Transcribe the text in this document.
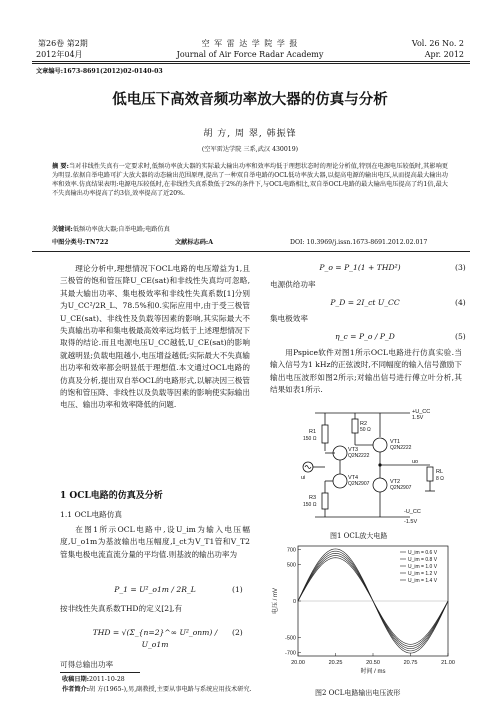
第26卷 第2期
2012年04月
空 军 雷 达 学 院 学 报
Journal of Air Force Radar Academy
Vol. 26 No. 2
Apr. 2012
文章编号:1673-8691(2012)02-0140-03
低电压下高效音频功率放大器的仿真与分析
胡 方, 周 翠, 韩振锋
(空军雷达学院 三系,武汉 430019)
摘 要:当对非线性失真有一定要求时,低频功率放大器的实际最大输出功率和效率均低于理想状态时的理论分析值,特别在电源电压较低时,其影响更为明显.依据自举电路可扩大放大器的动态输出范围原理,提出了一种双自举电路的OCL低功率放大器,以提高电源的输出电压,从而提高最大输出功率和效率.仿真结果表明:电源电压较低时,在非线性失真系数低于2%的条件下,与OCL电路相比,双自举OCL电路的最大输出电压提高了约1倍,最大不失真输出功率提高了约3倍,效率提高了近20%.
关键词:低频功率放大器;自举电路;电路仿真
中图分类号:TN722	文献标志码:A	DOI: 10.3969/j.issn.1673-8691.2012.02.017

理论分析中,理想情况下OCL电路的电压增益为1,且三极管的饱和管压降U_CE(sat)和非线性失真均可忽略,其最大输出功率、集电极效率和非线性失真系数[1]分别为U_CC²/2R_L、78.5%和0.实际应用中,由于受三极管U_CE(sat)、非线性及负载等因素的影响,其实际最大不失真输出功率和集电极最高效率远均低于上述理想情况下取得的结论.而且电源电压U_CC越低,U_CE(sat)的影响就越明显;负载电阻越小,电压增益越低;实际最大不失真输出功率和效率都会明显低于理想值.本文通过OCL电路的仿真及分析,提出双自举OCL的电路形式,以解决因三极管的饱和管压降、非线性以及负载等因素的影响使实际输出电压、输出功率和效率降低的问题.

1 OCL电路的仿真及分析
1.1 OCL电路仿真

在图1所示OCL电路中,设U_im为输入电压幅度,U_o1m为基波输出电压幅度,I_ct为V_T1管和V_T2管集电极电流直流分量的平均值.则基波的输出功率为

P_1 = U²_o1m / 2R_L	(1)
按非线性失真系数THD的定义[2],有
THD = √(Σ_{n=2}^∞ U²_onm) / U_o1m
(2)
可得总输出功率
收稿日期:2011-10-28
作者简介:胡 方(1965-),男,副教授,主要从事电路与系统应用技术研究.
P_o = P_1(1 + THD²)	(3)
电源供给功率
P_D = 2I_ct U_CC	(4)
集电极效率
η_c = P_o / P_D	(5)

用Pspice软件对图1所示OCL电路进行仿真实验.当输入信号为1 kHz的正弦波时,不同幅度的输入信号激励下输出电压波形如图2所示;对输出信号进行傅立叶分析,其结果如表1所示.

+U_CC
1.5V
-U_CC
-1.5V
R1
150 Ω
R2
50 Ω
VT3
Q2N2222
VT1
Q2N2222
RL
8 Ω
uo
VT4
Q2N2907	VT2
Q2N2907
R3
150 Ω
ui
图1 OCL放大电路
700
500
0
-500
-700
20.00	20.25	20.50	20.75	21.00
时间 / ms
电压 / mV
U_im = 0.6 V
U_im = 0.8 V
U_im = 1.0 V
U_im = 1.2 V
U_im = 1.4 V
图2 OCL电路输出电压波形
